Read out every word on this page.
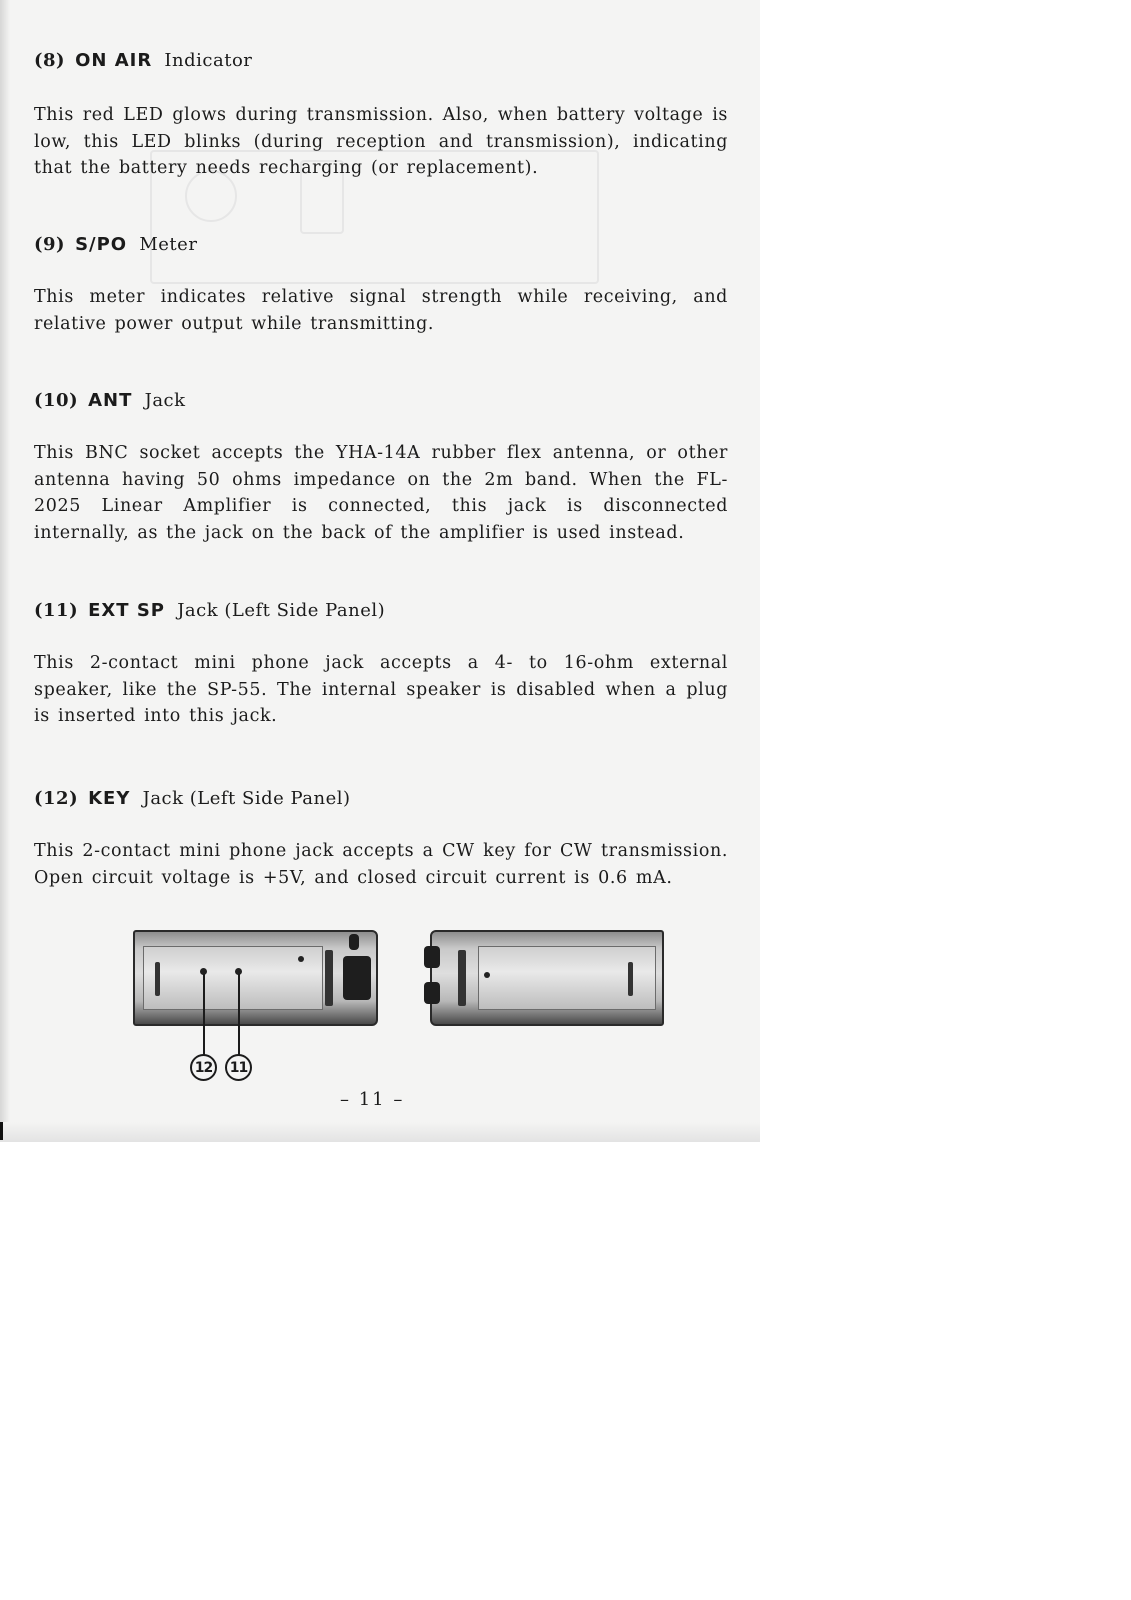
(8) ON AIR Indicator
This red LED glows during transmission. Also, when battery voltage is low, this LED blinks (during reception and transmission), indicating that the battery needs recharging (or replacement).
(9) S/PO Meter
This meter indicates relative signal strength while receiving, and relative power output while transmitting.
(10) ANT Jack
This BNC socket accepts the YHA-14A rubber flex antenna, or other antenna having 50 ohms impedance on the 2m band. When the FL-2025 Linear Amplifier is connected, this jack is disconnected internally, as the jack on the back of the amplifier is used instead.
(11) EXT SP Jack (Left Side Panel)
This 2-contact mini phone jack accepts a 4- to 16-ohm external speaker, like the SP-55. The internal speaker is disabled when a plug is inserted into this jack.
(12) KEY Jack (Left Side Panel)
This 2-contact mini phone jack accepts a CW key for CW transmission. Open circuit voltage is +5V, and closed circuit current is 0.6 mA.
12	11
– 11 –
